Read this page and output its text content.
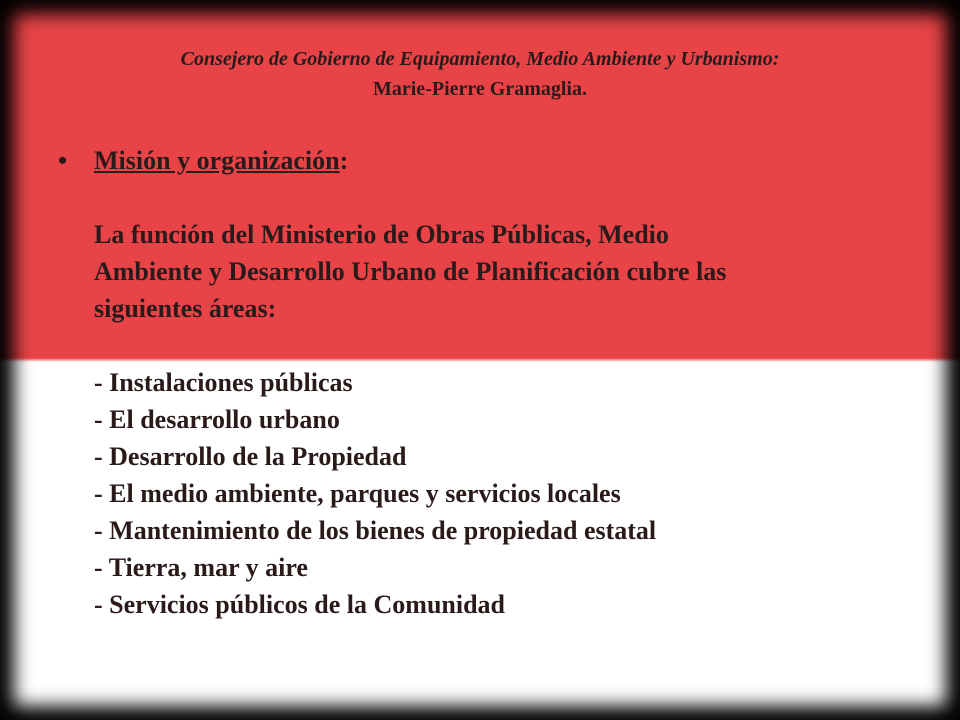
Consejero de Gobierno de Equipamiento, Medio Ambiente y Urbanismo:
Marie-Pierre Gramaglia.
• Misión y organización:
La función del Ministerio de Obras Públicas, Medio
Ambiente y Desarrollo Urbano de Planificación cubre las
siguientes áreas:
- Instalaciones públicas
- El desarrollo urbano
- Desarrollo de la Propiedad
- El medio ambiente, parques y servicios locales
- Mantenimiento de los bienes de propiedad estatal
- Tierra, mar y aire
- Servicios públicos de la Comunidad
